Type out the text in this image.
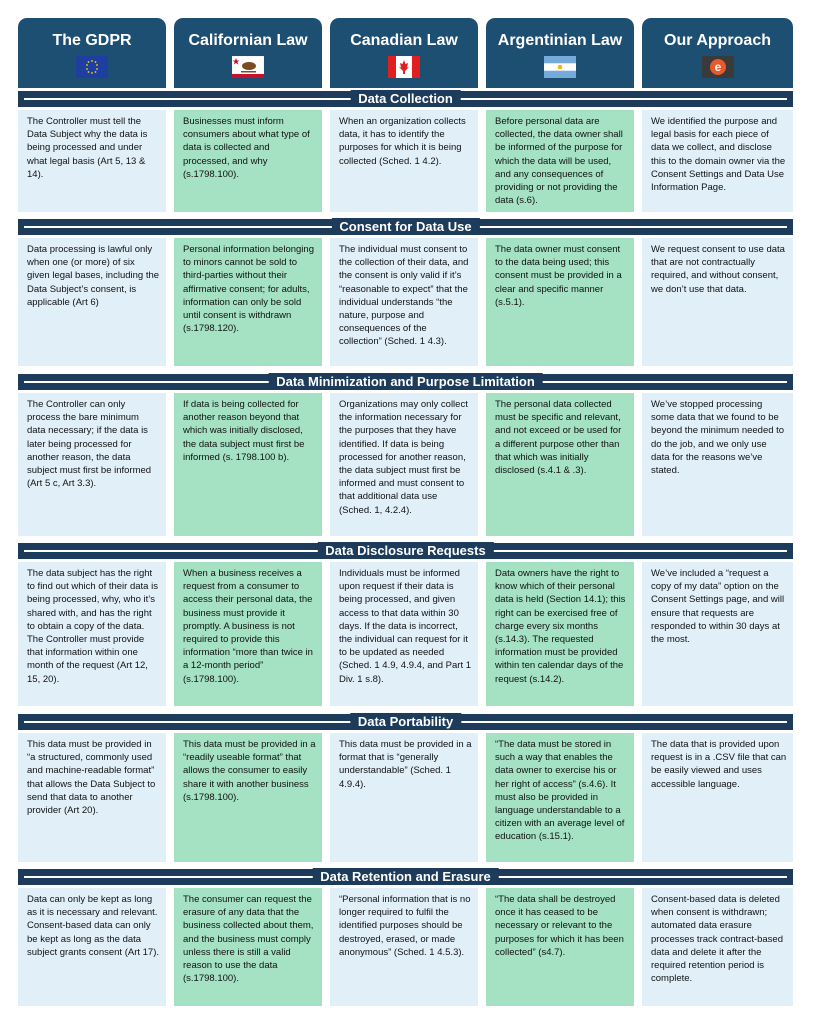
The GDPR	Californian Law	Canadian Law	Argentinian Law	Our Approach
e
Data Collection
The Controller must tell the Data Subject why the data is being processed and under what legal basis (Art 5, 13 & 14).
Businesses must inform consumers about what type of data is collected and processed, and why (s.1798.100).
When an organization collects data, it has to identify the purposes for which it is being collected (Sched. 1 4.2).
Before personal data are collected, the data owner shall be informed of the purpose for which the data will be used, and any consequences of providing or not providing the data (s.6).
We identified the purpose and legal basis for each piece of data we collect, and disclose this to the domain owner via the Consent Settings and Data Use Information Page.
Consent for Data Use
Data processing is lawful only when one (or more) of six given legal bases, including the Data Subject’s consent, is applicable (Art 6)
Personal information belonging to minors cannot be sold to third-parties without their affirmative consent; for adults, information can only be sold until consent is withdrawn (s.1798.120).
The individual must consent to the collection of their data, and the consent is only valid if it’s “reasonable to expect” that the individual understands “the nature, purpose and consequences of the collection” (Sched. 1 4.3).
The data owner must consent to the data being used; this consent must be provided in a clear and specific manner (s.5.1).
We request consent to use data that are not contractually required, and without consent, we don’t use that data.
Data Minimization and Purpose Limitation
The Controller can only process the bare minimum data necessary; if the data is later being processed for another reason, the data subject must first be informed (Art 5 c, Art 3.3).
If data is being collected for another reason beyond that which was initially disclosed, the data subject must first be informed (s. 1798.100 b).
Organizations may only collect the information necessary for the purposes that they have identified. If data is being processed for another reason, the data subject must first be informed and must consent to that additional data use (Sched. 1, 4.2.4).
The personal data collected must be specific and relevant, and not exceed or be used for a different purpose other than that which was initially disclosed (s.4.1 & .3).
We’ve stopped processing some data that we found to be beyond the minimum needed to do the job, and we only use data for the reasons we’ve stated.
Data Disclosure Requests
The data subject has the right to find out which of their data is being processed, why, who it’s shared with, and has the right to obtain a copy of the data. The Controller must provide that information within one month of the request (Art 12, 15, 20).
When a business receives a request from a consumer to access their personal data, the business must provide it promptly. A business is not required to provide this information “more than twice in a 12-month period” (s.1798.100).
Individuals must be informed upon request if their data is being processed, and given access to that data within 30 days. If the data is incorrect, the individual can request for it to be updated as needed (Sched. 1 4.9, 4.9.4, and Part 1 Div. 1 s.8).
Data owners have the right to know which of their personal data is held (Section 14.1); this right can be exercised free of charge every six months (s.14.3). The requested information must be provided within ten calendar days of the request (s.14.2).
We’ve included a “request a copy of my data” option on the Consent Settings page, and will ensure that requests are responded to within 30 days at the most.
Data Portability
This data must be provided in “a structured, commonly used and machine-readable format” that allows the Data Subject to send that data to another provider (Art 20).
This data must be provided in a “readily useable format” that allows the consumer to easily share it with another business (s.1798.100).
This data must be provided in a format that is “generally understandable” (Sched. 1 4.9.4).
“The data must be stored in such a way that enables the data owner to exercise his or her right of access” (s.4.6). It must also be provided in language understandable to a citizen with an average level of education (s.15.1).
The data that is provided upon request is in a .CSV file that can be easily viewed and uses accessible language.
Data Retention and Erasure
Data can only be kept as long as it is necessary and relevant. Consent-based data can only be kept as long as the data subject grants consent (Art 17).
The consumer can request the erasure of any data that the business collected about them, and the business must comply unless there is still a valid reason to use the data (s.1798.100).
“Personal information that is no longer required to fulfil the identified purposes should be destroyed, erased, or made anonymous” (Sched. 1 4.5.3).
“The data shall be destroyed once it has ceased to be necessary or relevant to the purposes for which it has been collected” (s4.7).
Consent-based data is deleted when consent is withdrawn; automated data erasure processes track contract-based data and delete it after the required retention period is complete.
